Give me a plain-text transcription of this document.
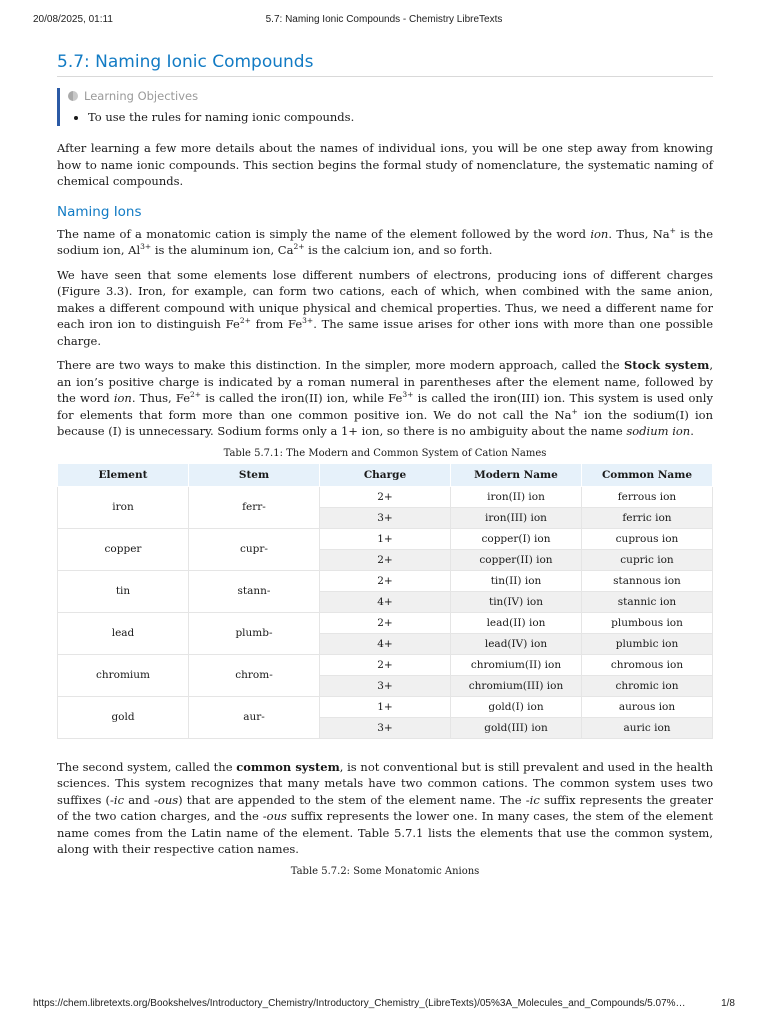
20/08/2025, 01:11	5.7: Naming Ionic Compounds - Chemistry LibreTexts
5.7: Naming Ionic Compounds
Learning Objectives
• To use the rules for naming ionic compounds.

After learning a few more details about the names of individual ions, you will be one step away from knowing how to name ionic compounds. This section begins the formal study of nomenclature, the systematic naming of chemical compounds.

Naming Ions

The name of a monatomic cation is simply the name of the element followed by the word ion. Thus, Na+ is the sodium ion, $Al^{3+}$ is the aluminum ion, $Ca^{2+}$ is the calcium ion, and so forth.

We have seen that some elements lose different numbers of electrons, producing ions of different charges (Figure 3.3). Iron, for example, can form two cations, each of which, when combined with the same anion, makes a different compound with unique physical and chemical properties. Thus, we need a different name for each iron ion to distinguish $Fe^{2+}$ from $Fe^{3+}$. The same issue arises for other ions with more than one possible charge.

There are two ways to make this distinction. In the simpler, more modern approach, called the Stock system, an ion’s positive charge is indicated by a roman numeral in parentheses after the element name, followed by the word ion. Thus, $Fe^{2+}$ is called the iron(II) ion, while $Fe^{3+}$ is called the iron(III) ion. This system is used only for elements that form more than one common positive ion. We do not call the Na+ ion the sodium(I) ion because (I) is unnecessary. Sodium forms only a 1+ ion, so there is no ambiguity about the name sodium ion.

Table 5.7.1: The Modern and Common System of Cation Names
Element	Stem	Charge	Modern Name	Common Name
iron	ferr-	2+	iron(II) ion	ferrous ion
		3+	iron(III) ion	ferric ion
copper	cupr-	1+	copper(I) ion	cuprous ion
		2+	copper(II) ion	cupric ion
tin	stann-	2+	tin(II) ion	stannous ion
		4+	tin(IV) ion	stannic ion
lead	plumb-	2+	lead(II) ion	plumbous ion
		4+	lead(IV) ion	plumbic ion
chromium	chrom-	2+	chromium(II) ion	chromous ion
		3+	chromium(III) ion	chromic ion
gold	aur-	1+	gold(I) ion	aurous ion
		3+	gold(III) ion	auric ion

The second system, called the common system, is not conventional but is still prevalent and used in the health sciences. This system recognizes that many metals have two common cations. The common system uses two suffixes (-ic and -ous) that are appended to the stem of the element name. The -ic suffix represents the greater of the two cation charges, and the -ous suffix represents the lower one. In many cases, the stem of the element name comes from the Latin name of the element. Table 5.7.1 lists the elements that use the common system, along with their respective cation names.

Table 5.7.2: Some Monatomic Anions
https://chem.libretexts.org/Bookshelves/Introductory_Chemistry/Introductory_Chemistry_(LibreTexts)/05%3A_Molecules_and_Compounds/5.07%…	1/8
